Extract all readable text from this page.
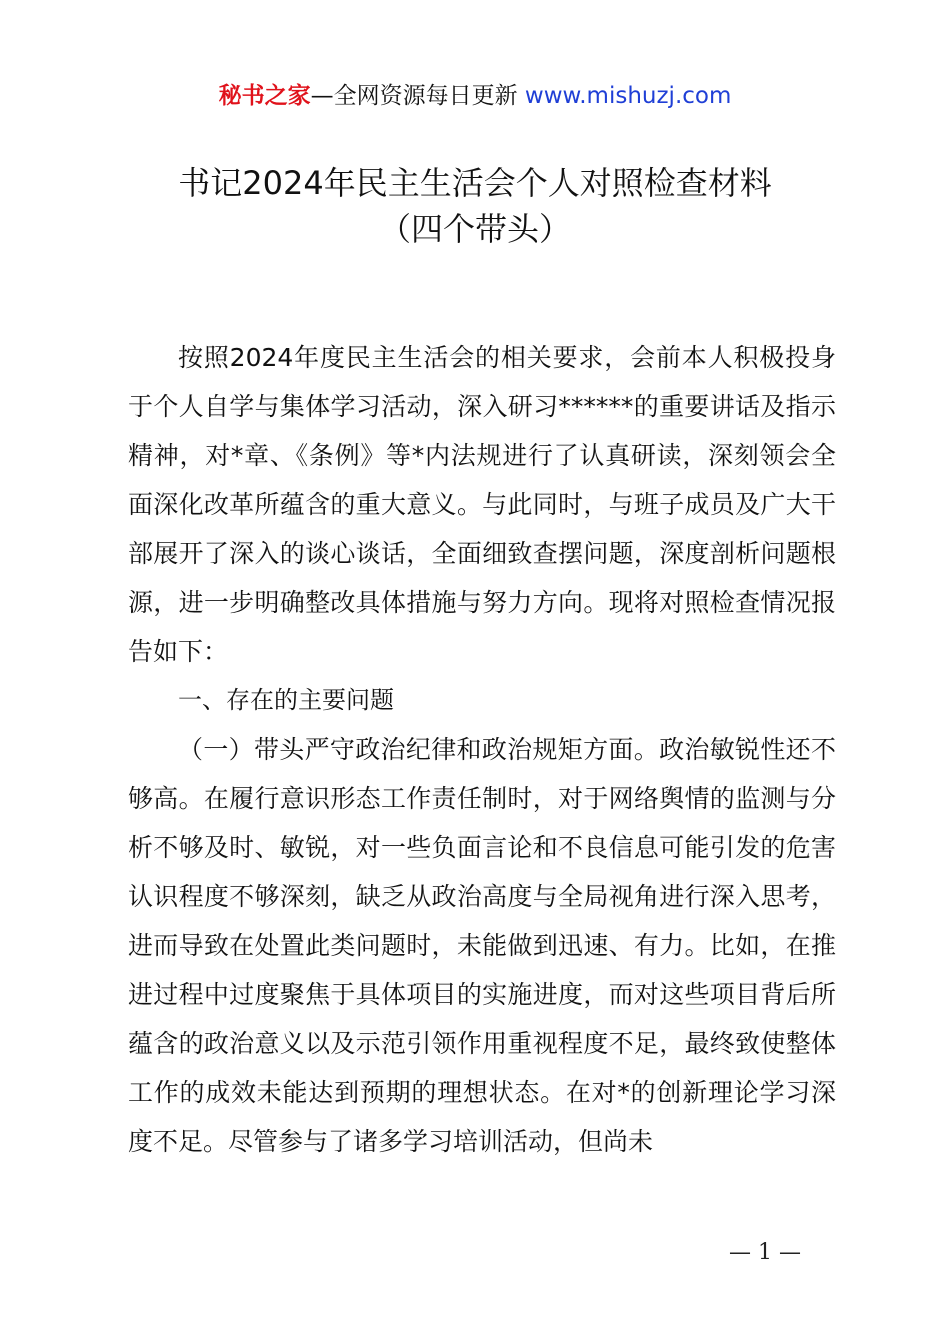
秘书之家—全网资源每日更新 www.mishuzj.com
书记2024年民主生活会个人对照检查材料
（四个带头）

按照2024年度民主生活会的相关要求，会前本人积极投身于个人自学与集体学习活动，深入研习******的重要讲话及指示精神，对*章、《条例》等*内法规进行了认真研读，深刻领会全面深化改革所蕴含的重大意义。与此同时，与班子成员及广大干部展开了深入的谈心谈话，全面细致查摆问题，深度剖析问题根源，进一步明确整改具体措施与努力方向。现将对照检查情况报告如下：

一、存在的主要问题

（一）带头严守政治纪律和政治规矩方面。政治敏锐性还不够高。在履行意识形态工作责任制时，对于网络舆情的监测与分析不够及时、敏锐，对一些负面言论和不良信息可能引发的危害认识程度不够深刻，缺乏从政治高度与全局视角进行深入思考，进而导致在处置此类问题时，未能做到迅速、有力。比如，在推进过程中过度聚焦于具体项目的实施进度，而对这些项目背后所蕴含的政治意义以及示范引领作用重视程度不足，最终致使整体工作的成效未能达到预期的理想状态。在对*的创新理论学习深度不足。尽管参与了诸多学习培训活动，但尚未

— 1 —
